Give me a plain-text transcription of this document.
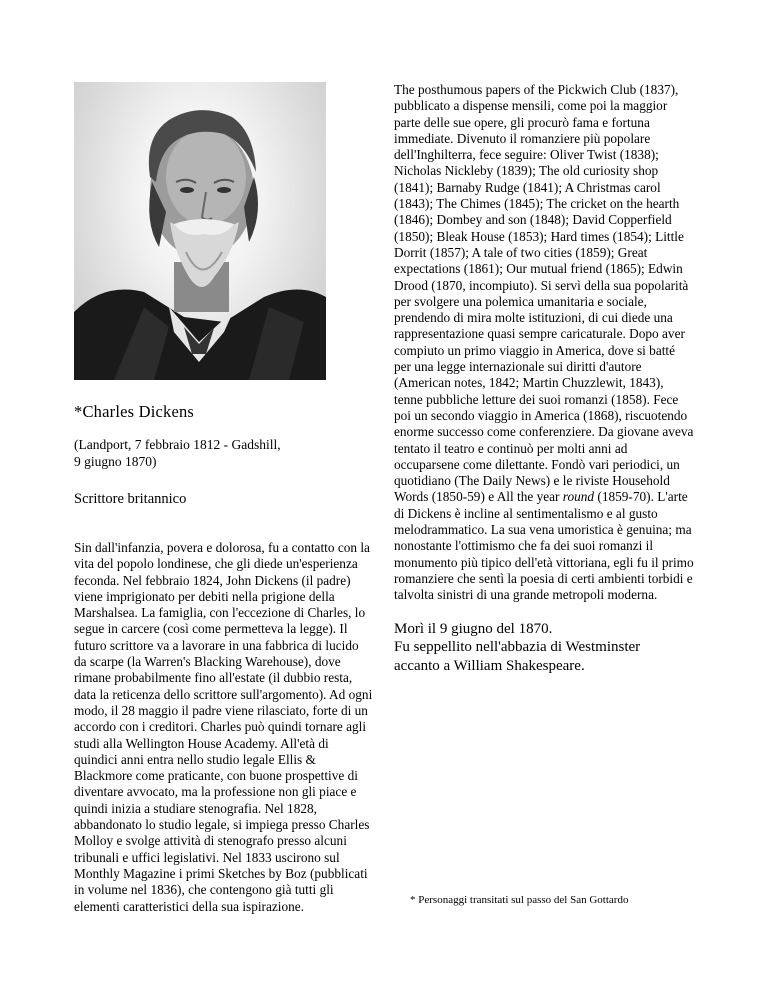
*Charles Dickens
(Landport, 7 febbraio 1812 - Gadshill,
9 giugno 1870)
Scrittore britannico
Sin dall'infanzia, povera e dolorosa, fu a contatto con la vita del popolo londinese, che gli diede un'esperienza feconda. Nel febbraio 1824, John Dickens (il padre) viene imprigionato per debiti nella prigione della Marshalsea. La famiglia, con l'eccezione di Charles, lo segue in carcere (così come permetteva la legge). Il futuro scrittore va a lavorare in una fabbrica di lucido da scarpe (la Warren's Blacking Warehouse), dove rimane probabilmente fino all'estate (il dubbio resta, data la reticenza dello scrittore sull'argomento). Ad ogni modo, il 28 maggio il padre viene rilasciato, forte di un accordo con i creditori. Charles può quindi tornare agli studi alla Wellington House Academy. All'età di quindici anni entra nello studio legale Ellis & Blackmore come praticante, con buone prospettive di diventare avvocato, ma la professione non gli piace e quindi inizia a studiare stenografia. Nel 1828, abbandonato lo studio legale, si impiega presso Charles Molloy e svolge attività di stenografo presso alcuni tribunali e uffici legislativi. Nel 1833 uscirono sul Monthly Magazine i primi Sketches by Boz (pubblicati in volume nel 1836), che contengono già tutti gli elementi caratteristici della sua ispirazione.

The posthumous papers of the Pickwich Club (1837), pubblicato a dispense mensili, come poi la maggior parte delle sue opere, gli procurò fama e fortuna immediate. Divenuto il romanziere più popolare dell'Inghilterra, fece seguire: Oliver Twist (1838); Nicholas Nickleby (1839); The old curiosity shop (1841); Barnaby Rudge (1841); A Christmas carol (1843); The Chimes (1845); The cricket on the hearth (1846); Dombey and son (1848); David Copperfield (1850); Bleak House (1853); Hard times (1854); Little Dorrit (1857); A tale of two cities (1859); Great expectations (1861); Our mutual friend (1865); Edwin Drood (1870, incompiuto). Si servì della sua popolarità per svolgere una polemica umanitaria e sociale, prendendo di mira molte istituzioni, di cui diede una rappresentazione quasi sempre caricaturale. Dopo aver compiuto un primo viaggio in America, dove si batté per una legge internazionale sui diritti d'autore (American notes, 1842; Martin Chuzzlewit, 1843), tenne pubbliche letture dei suoi romanzi (1858). Fece poi un secondo viaggio in America (1868), riscuotendo enorme successo come conferenziere. Da giovane aveva tentato il teatro e continuò per molti anni ad occuparsene come dilettante. Fondò vari periodici, un quotidiano (The Daily News) e le riviste Household Words (1850-59) e All the year round (1859-70). L'arte di Dickens è incline al sentimentalismo e al gusto melodrammatico. La sua vena umoristica è genuina; ma nonostante l'ottimismo che fa dei suoi romanzi il monumento più tipico dell'età vittoriana, egli fu il primo romanziere che sentì la poesia di certi ambienti torbidi e talvolta sinistri di una grande metropoli moderna.

Morì il 9 giugno del 1870.
Fu seppellito nell'abbazia di Westminster
accanto a William Shakespeare.
* Personaggi transitati sul passo del San Gottardo
